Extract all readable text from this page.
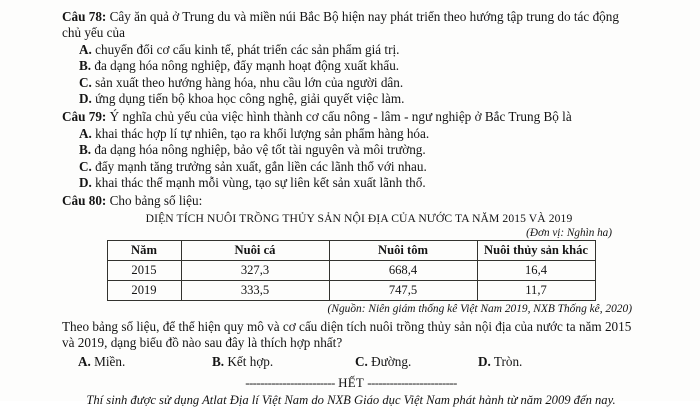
Câu 78: Cây ăn quả ở Trung du và miền núi Bắc Bộ hiện nay phát triển theo hướng tập trung do tác động chủ yếu của

A. chuyển đổi cơ cấu kinh tế, phát triển các sản phẩm giá trị.
B. đa dạng hóa nông nghiệp, đẩy mạnh hoạt động xuất khẩu.
C. sản xuất theo hướng hàng hóa, nhu cầu lớn của người dân.
D. ứng dụng tiến bộ khoa học công nghệ, giải quyết việc làm.

Câu 79: Ý nghĩa chủ yếu của việc hình thành cơ cấu nông - lâm - ngư nghiệp ở Bắc Trung Bộ là

A. khai thác hợp lí tự nhiên, tạo ra khối lượng sản phẩm hàng hóa.
B. đa dạng hóa nông nghiệp, bảo vệ tốt tài nguyên và môi trường.
C. đẩy mạnh tăng trưởng sản xuất, gắn liền các lãnh thổ với nhau.
D. khai thác thế mạnh mỗi vùng, tạo sự liên kết sản xuất lãnh thổ.

Câu 80: Cho bảng số liệu:

DIỆN TÍCH NUÔI TRỒNG THỦY SẢN NỘI ĐỊA CỦA NƯỚC TA NĂM 2015 VÀ 2019

(Đơn vị: Nghìn ha)

Năm	Nuôi cá	Nuôi tôm	Nuôi thủy sản khác
2015	327,3	668,4	16,4
2019	333,5	747,5	11,7

(Nguồn: Niên giám thống kê Việt Nam 2019, NXB Thống kê, 2020)

Theo bảng số liệu, để thể hiện quy mô và cơ cấu diện tích nuôi trồng thủy sản nội địa của nước ta năm 2015 và 2019, dạng biểu đồ nào sau đây là thích hợp nhất?

A. Miền.	B. Kết hợp.	C. Đường.	D. Tròn.
------------------------ HẾT ------------------------
Thí sinh được sử dụng Atlat Địa lí Việt Nam do NXB Giáo dục Việt Nam phát hành từ năm 2009 đến nay.
